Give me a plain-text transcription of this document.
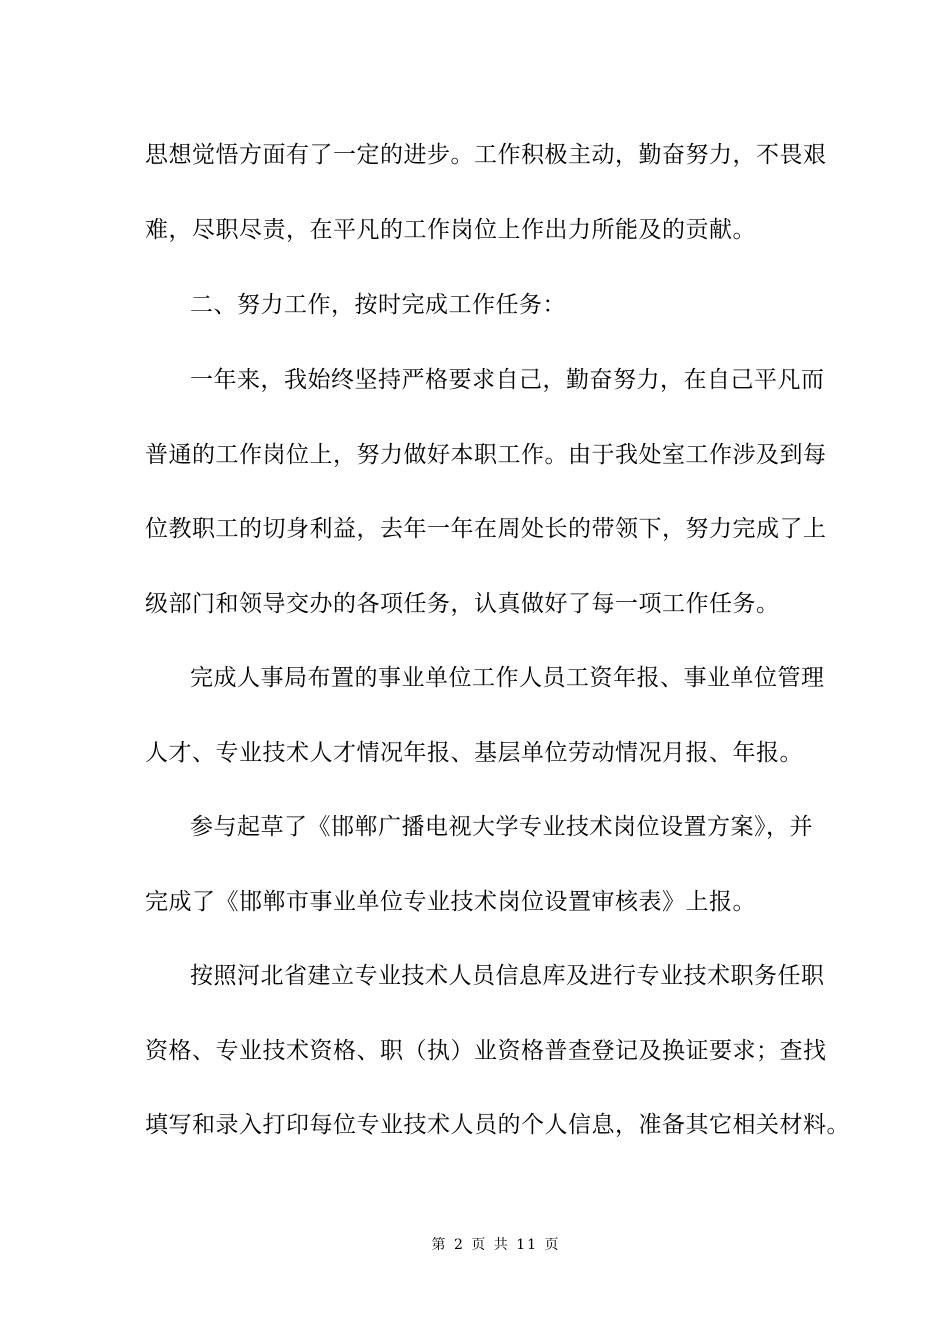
思想觉悟方面有了一定的进步。工作积极主动，勤奋努力，不畏艰
难，尽职尽责，在平凡的工作岗位上作出力所能及的贡献。
二、努力工作，按时完成工作任务：
一年来，我始终坚持严格要求自己，勤奋努力，在自己平凡而
普通的工作岗位上，努力做好本职工作。由于我处室工作涉及到每
位教职工的切身利益，去年一年在周处长的带领下，努力完成了上
级部门和领导交办的各项任务，认真做好了每一项工作任务。
完成人事局布置的事业单位工作人员工资年报、事业单位管理
人才、专业技术人才情况年报、基层单位劳动情况月报、年报。
参与起草了《邯郸广播电视大学专业技术岗位设置方案》，并
完成了《邯郸市事业单位专业技术岗位设置审核表》上报。
按照河北省建立专业技术人员信息库及进行专业技术职务任职
资格、专业技术资格、职（执）业资格普查登记及换证要求；查找
填写和录入打印每位专业技术人员的个人信息，准备其它相关材料。
第 2 页 共 11 页
